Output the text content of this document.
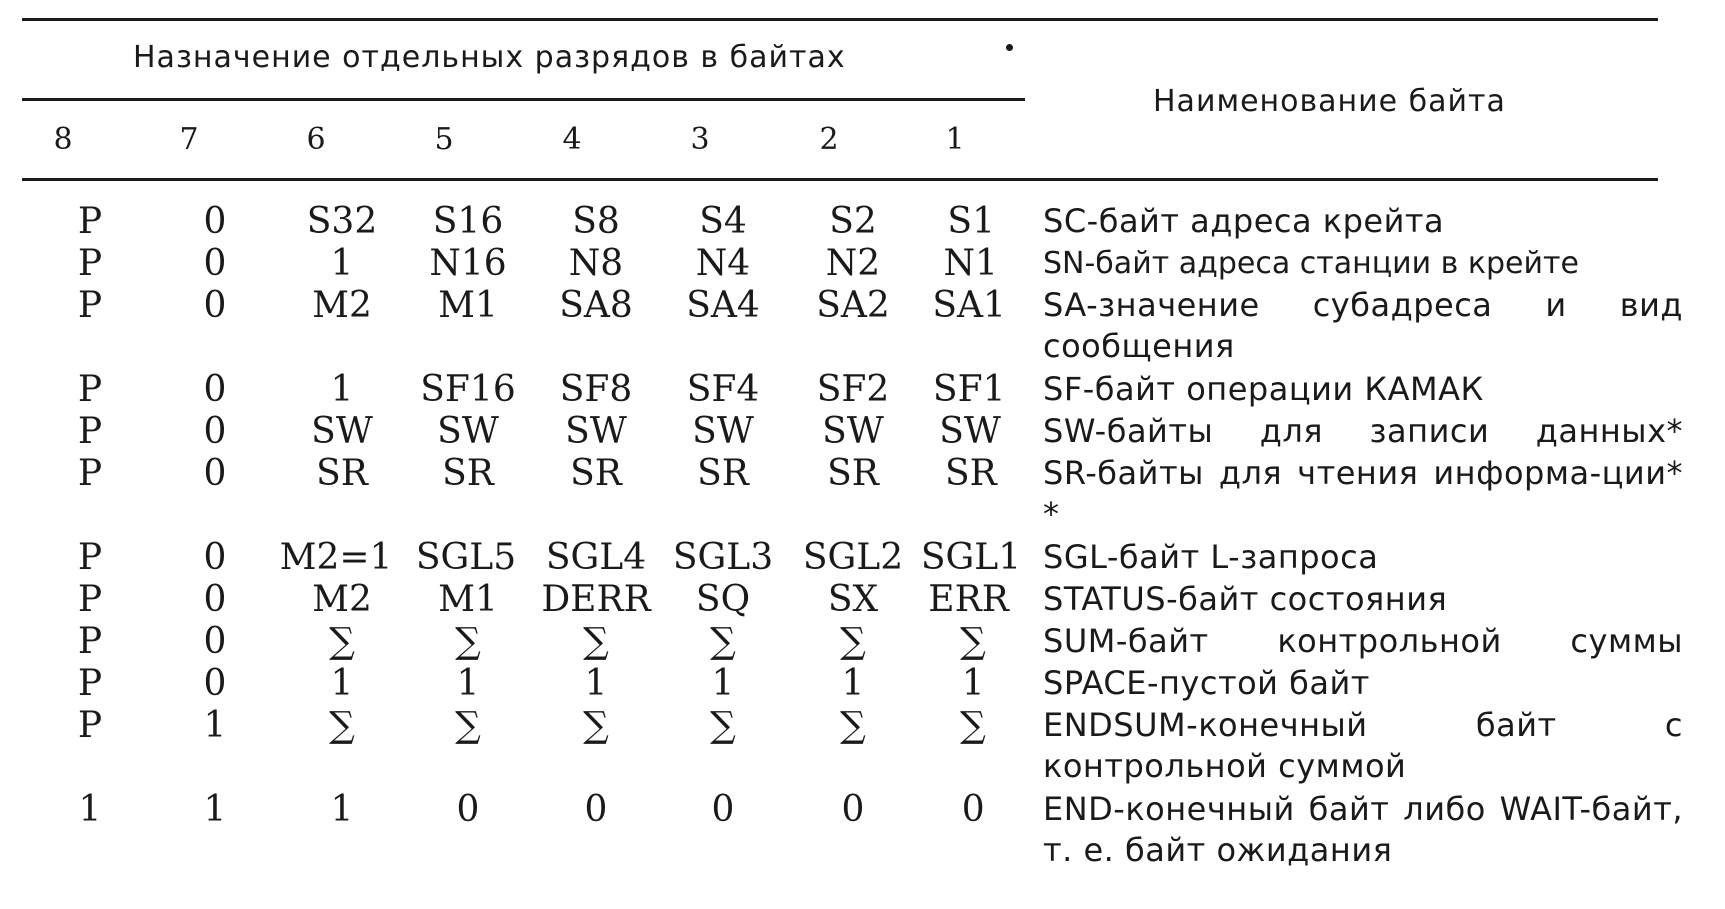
Назначение отдельных разрядов в байтах
Наименование байта
8	7	6	5	4	3	2	1
P	0 S32 S16 S8 S4 S2 S1 SC-байт адреса крейта
P	0	1 N16 N8 N4 N2 N1 SN-байт адреса станции в крейте
P	0 M2 M1 SA8 SA4 SA2 SA1 SA-значение субадреса и вид сообщения
P	0	1 SF16 SF8 SF4 SF2 SF1 SF-байт операции КАМАК
P	0 SW SW SW SW SW SW SW-байты для записи данных*
P	0 SR SR SR SR SR SR SR-байты для чтения информа-ции**
P	0 M2=1 SGL5 SGL4 SGL3 SGL2 SGL1 SGL-байт L-запроса
P	0 M2 M1 DERR SQ SX ERR STATUS-байт состояния
P	0	∑	∑	∑	∑	∑	∑ SUM-байт контрольной суммы
P	0	1	1	1	1	1	1 SPACE-пустой байт
P	1	∑	∑	∑	∑	∑	∑ ENDSUM-конечный байт с контрольной суммой
1	1	1	0	0	0	0	0 END-конечный байт либо WAIT-байт, т. е. байт ожидания
